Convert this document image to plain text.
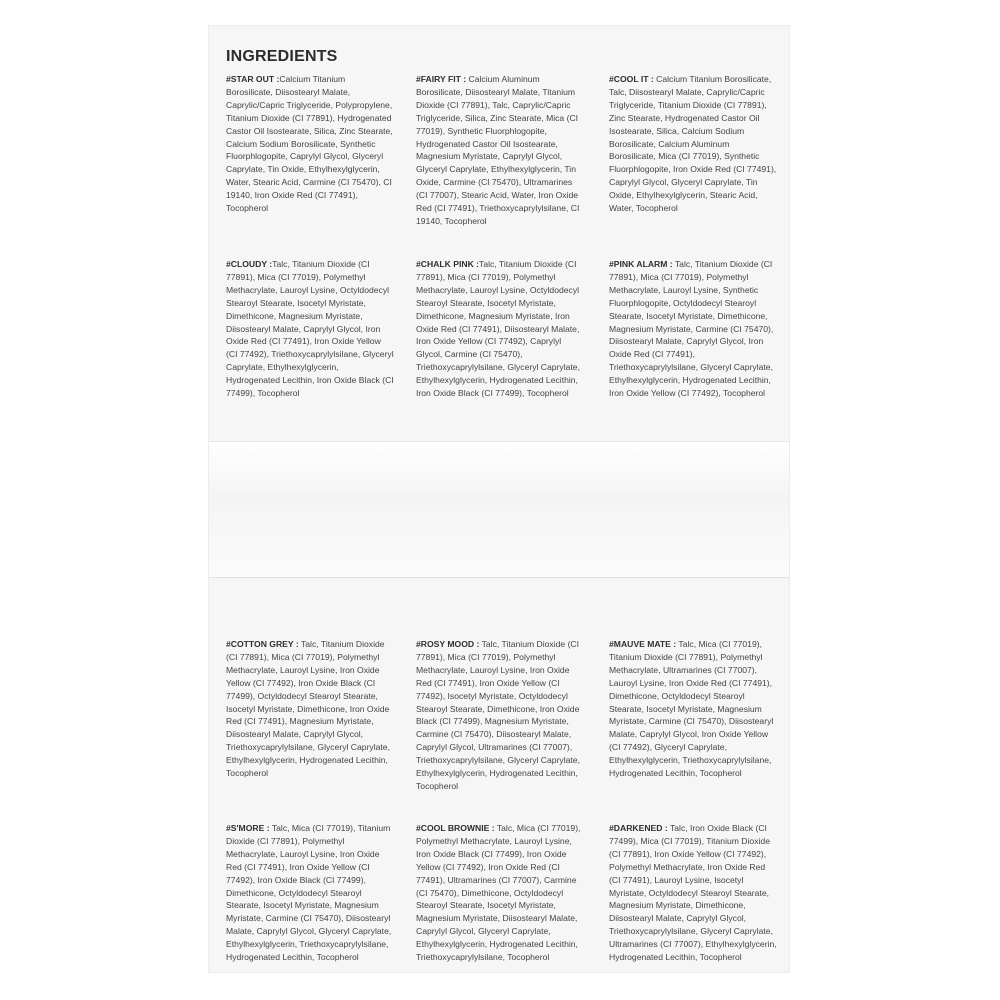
INGREDIENTS

#STAR OUT :Calcium Titanium Borosilicate, Diisostearyl Malate, Caprylic/Capric Triglyceride, Polypropylene, Titanium Dioxide (CI 77891), Hydrogenated Castor Oil Isostearate, Silica, Zinc Stearate, Calcium Sodium Borosilicate, Synthetic Fluorphlogopite, Caprylyl Glycol, Glyceryl Caprylate, Tin Oxide, Ethylhexylglycerin, Water, Stearic Acid, Carmine (CI 75470), CI 19140, Iron Oxide Red (CI 77491), Tocopherol

#FAIRY FIT : Calcium Aluminum Borosilicate, Diisostearyl Malate, Titanium Dioxide (CI 77891), Talc, Caprylic/Capric Triglyceride, Silica, Zinc Stearate, Mica (CI 77019), Synthetic Fluorphlogopite, Hydrogenated Castor Oil Isostearate, Magnesium Myristate, Caprylyl Glycol, Glyceryl Caprylate, Ethylhexylglycerin, Tin Oxide, Carmine (CI 75470), Ultramarines (CI 77007), Stearic Acid, Water, Iron Oxide Red (CI 77491), Triethoxycaprylylsilane, CI 19140, Tocopherol

#COOL IT : Calcium Titanium Borosilicate, Talc, Diisostearyl Malate, Caprylic/Capric Triglyceride, Titanium Dioxide (CI 77891), Zinc Stearate, Hydrogenated Castor Oil Isostearate, Silica, Calcium Sodium Borosilicate, Calcium Aluminum Borosilicate, Mica (CI 77019), Synthetic Fluorphlogopite, Iron Oxide Red (CI 77491), Caprylyl Glycol, Glyceryl Caprylate, Tin Oxide, Ethylhexylglycerin, Stearic Acid, Water, Tocopherol

#CLOUDY :Talc, Titanium Dioxide (CI 77891), Mica (CI 77019), Polymethyl Methacrylate, Lauroyl Lysine, Octyldodecyl Stearoyl Stearate, Isocetyl Myristate, Dimethicone, Magnesium Myristate, Diisostearyl Malate, Caprylyl Glycol, Iron Oxide Red (CI 77491), Iron Oxide Yellow (CI 77492), Triethoxycaprylylsilane, Glyceryl Caprylate, Ethylhexylglycerin, Hydrogenated Lecithin, Iron Oxide Black (CI 77499), Tocopherol

#CHALK PINK :Talc, Titanium Dioxide (CI 77891), Mica (CI 77019), Polymethyl Methacrylate, Lauroyl Lysine, Octyldodecyl Stearoyl Stearate, Isocetyl Myristate, Dimethicone, Magnesium Myristate, Iron Oxide Red (CI 77491), Diisostearyl Malate, Iron Oxide Yellow (CI 77492), Caprylyl Glycol, Carmine (CI 75470), Triethoxycaprylylsilane, Glyceryl Caprylate, Ethylhexylglycerin, Hydrogenated Lecithin, Iron Oxide Black (CI 77499), Tocopherol

#PINK ALARM : Talc, Titanium Dioxide (CI 77891), Mica (CI 77019), Polymethyl Methacrylate, Lauroyl Lysine, Synthetic Fluorphlogopite, Octyldodecyl Stearoyl Stearate, Isocetyl Myristate, Dimethicone, Magnesium Myristate, Carmine (CI 75470), Diisostearyl Malate, Caprylyl Glycol, Iron Oxide Red (CI 77491), Triethoxycaprylylsilane, Glyceryl Caprylate, Ethylhexylglycerin, Hydrogenated Lecithin, Iron Oxide Yellow (CI 77492), Tocopherol

#COTTON GREY : Talc, Titanium Dioxide (CI 77891), Mica (CI 77019), Polymethyl Methacrylate, Lauroyl Lysine, Iron Oxide Yellow (CI 77492), Iron Oxide Black (CI 77499), Octyldodecyl Stearoyl Stearate, Isocetyl Myristate, Dimethicone, Iron Oxide Red (CI 77491), Magnesium Myristate, Diisostearyl Malate, Caprylyl Glycol, Triethoxycaprylylsilane, Glyceryl Caprylate, Ethylhexylglycerin, Hydrogenated Lecithin, Tocopherol

#ROSY MOOD : Talc, Titanium Dioxide (CI 77891), Mica (CI 77019), Polymethyl Methacrylate, Lauroyl Lysine, Iron Oxide Red (CI 77491), Iron Oxide Yellow (CI 77492), Isocetyl Myristate, Octyldodecyl Stearoyl Stearate, Dimethicone, Iron Oxide Black (CI 77499), Magnesium Myristate, Carmine (CI 75470), Diisostearyl Malate, Caprylyl Glycol, Ultramarines (CI 77007), Triethoxycaprylylsilane, Glyceryl Caprylate, Ethylhexylglycerin, Hydrogenated Lecithin, Tocopherol

#MAUVE MATE : Talc, Mica (CI 77019), Titanium Dioxide (CI 77891), Polymethyl Methacrylate, Ultramarines (CI 77007), Lauroyl Lysine, Iron Oxide Red (CI 77491), Dimethicone, Octyldodecyl Stearoyl Stearate, Isocetyl Myristate, Magnesium Myristate, Carmine (CI 75470), Diisostearyl Malate, Caprylyl Glycol, Iron Oxide Yellow (CI 77492), Glyceryl Caprylate, Ethylhexylglycerin, Triethoxycaprylylsilane, Hydrogenated Lecithin, Tocopherol

#S'MORE : Talc, Mica (CI 77019), Titanium Dioxide (CI 77891), Polymethyl Methacrylate, Lauroyl Lysine, Iron Oxide Red (CI 77491), Iron Oxide Yellow (CI 77492), Iron Oxide Black (CI 77499), Dimethicone, Octyldodecyl Stearoyl Stearate, Isocetyl Myristate, Magnesium Myristate, Carmine (CI 75470), Diisostearyl Malate, Caprylyl Glycol, Glyceryl Caprylate, Ethylhexylglycerin, Triethoxycaprylylsilane, Hydrogenated Lecithin, Tocopherol

#COOL BROWNIE : Talc, Mica (CI 77019), Polymethyl Methacrylate, Lauroyl Lysine, Iron Oxide Black (CI 77499), Iron Oxide Yellow (CI 77492), Iron Oxide Red (CI 77491), Ultramarines (CI 77007), Carmine (CI 75470), Dimethicone, Octyldodecyl Stearoyl Stearate, Isocetyl Myristate, Magnesium Myristate, Diisostearyl Malate, Caprylyl Glycol, Glyceryl Caprylate, Ethylhexylglycerin, Hydrogenated Lecithin, Triethoxycaprylylsilane, Tocopherol

#DARKENED : Talc, Iron Oxide Black (CI 77499), Mica (CI 77019), Titanium Dioxide (CI 77891), Iron Oxide Yellow (CI 77492), Polymethyl Methacrylate, Iron Oxide Red (CI 77491), Lauroyl Lysine, Isocetyl Myristate, Octyldodecyl Stearoyl Stearate, Magnesium Myristate, Dimethicone, Diisostearyl Malate, Caprylyl Glycol, Triethoxycaprylylsilane, Glyceryl Caprylate, Ultramarines (CI 77007), Ethylhexylglycerin, Hydrogenated Lecithin, Tocopherol
